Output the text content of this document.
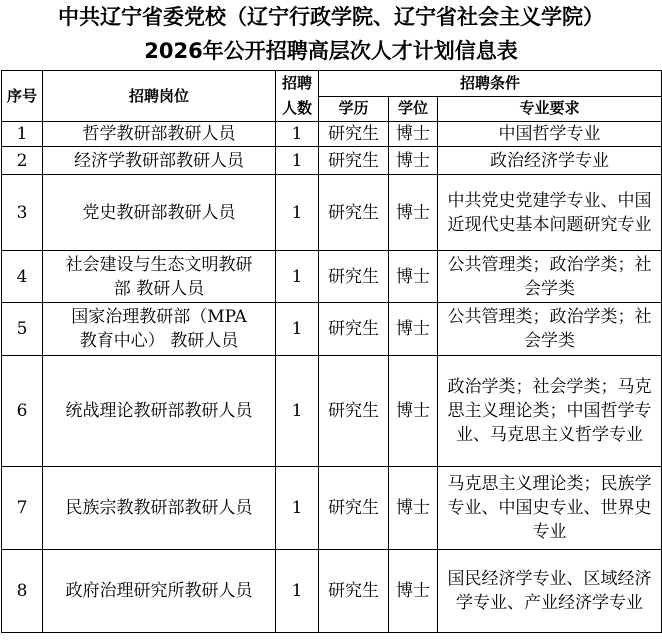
中共辽宁省委党校（辽宁行政学院、辽宁省社会主义学院）
2026年公开招聘高层次人才计划信息表
序号	招聘岗位	招聘人数	招聘条件		
			学历	学位	专业要求
1	哲学教研部教研人员	1	研究生	博士	中国哲学专业
2	经济学教研部教研人员	1	研究生	博士	政治经济学专业
3	党史教研部教研人员	1	研究生	博士	中共党史党建学专业、中国近现代史基本问题研究专业
4	社会建设与生态文明教研部 教研人员	1	研究生	博士	公共管理类；政治学类；社会学类
5	国家治理教研部（MPA教育中心） 教研人员	1	研究生	博士	公共管理类；政治学类；社会学类
6	统战理论教研部教研人员	1	研究生	博士	政治学类；社会学类；马克思主义理论类；中国哲学专业、马克思主义哲学专业
7	民族宗教教研部教研人员	1	研究生	博士	马克思主义理论类；民族学专业、中国史专业、世界史专业
8	政府治理研究所教研人员	1	研究生	博士	国民经济学专业、区域经济学专业、产业经济学专业
